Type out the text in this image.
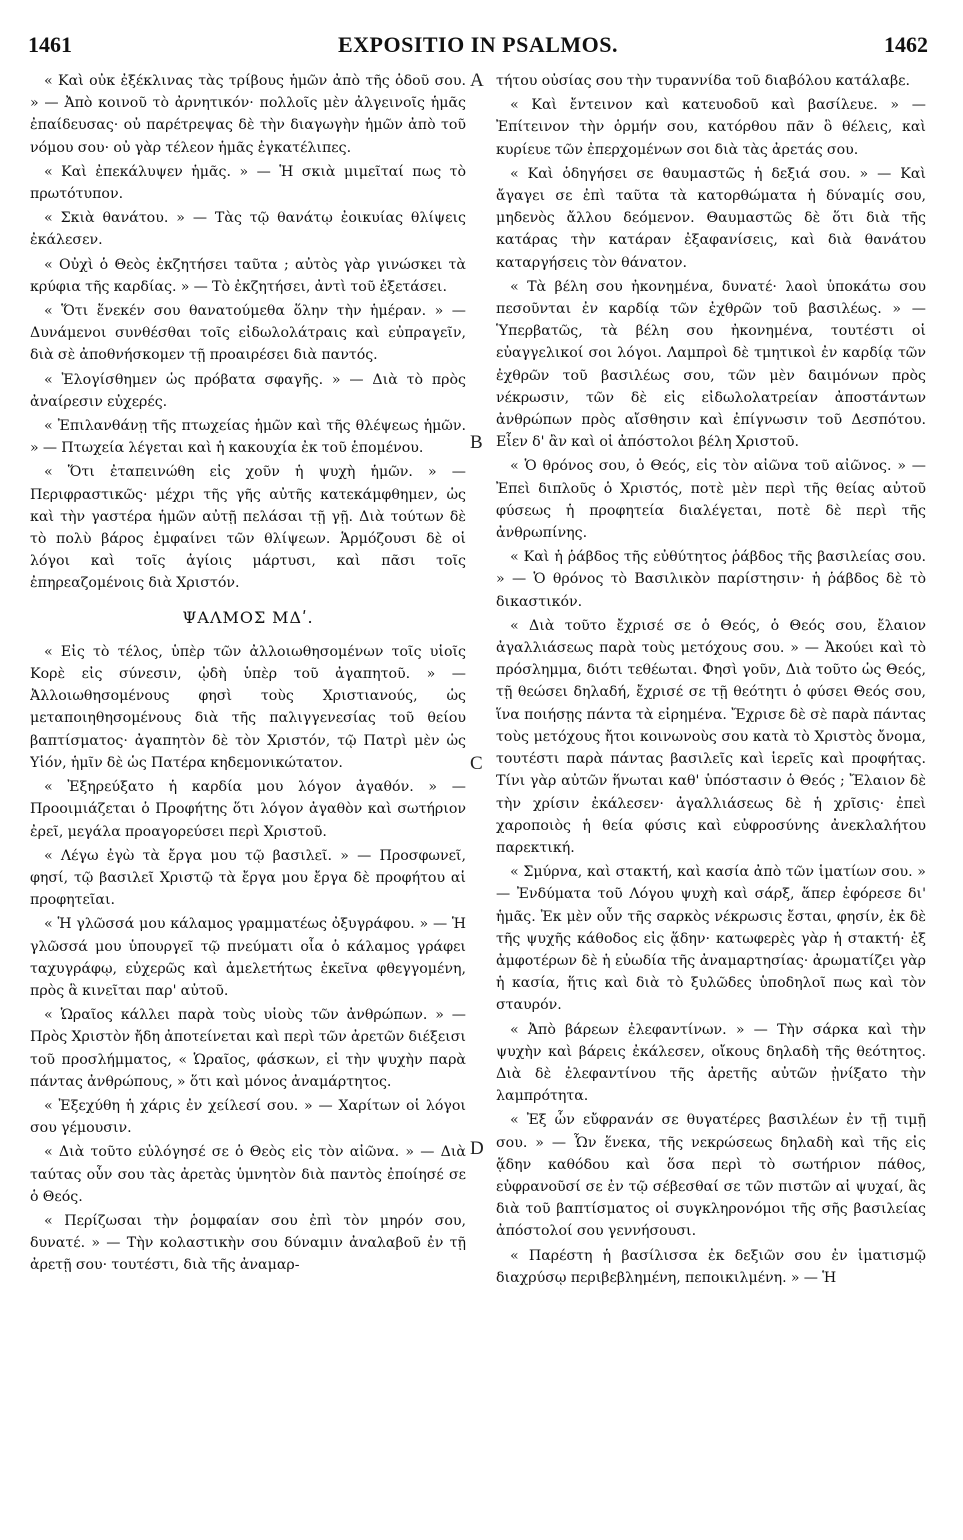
1461	EXPOSITIO IN PSALMOS.	1462
A
B
C
D

« Καὶ οὐκ ἐξέκλινας τὰς τρίβους ἡμῶν ἀπὸ τῆς ὁδοῦ σου. » — Ἀπὸ κοινοῦ τὸ ἀρνητικόν· πολλοῖς μὲν ἀλγεινοῖς ἡμᾶς ἐπαίδευσας· οὐ παρέτρεψας δὲ τὴν διαγωγὴν ἡμῶν ἀπὸ τοῦ νόμου σου· οὐ γὰρ τέλεον ἡμᾶς ἐγκατέλιπες.

« Καὶ ἐπεκάλυψεν ἡμᾶς. » — Ἡ σκιὰ μιμεῖταί πως τὸ πρωτότυπον.

« Σκιὰ θανάτου. » — Τὰς τῷ θανάτῳ ἐοικυίας θλίψεις ἐκάλεσεν.

« Οὐχὶ ὁ Θεὸς ἐκζητήσει ταῦτα ; αὐτὸς γὰρ γινώσκει τὰ κρύφια τῆς καρδίας. » — Τὸ ἐκζητήσει, ἀντὶ τοῦ ἐξετάσει.

« Ὅτι ἕνεκέν σου θανατούμεθα ὅλην τὴν ἡμέραν. » — Δυνάμενοι συνθέσθαι τοῖς εἰδωλολάτραις καὶ εὐπραγεῖν, διὰ σὲ ἀποθνήσκομεν τῇ προαιρέσει διὰ παντός.

« Ἐλογίσθημεν ὡς πρόβατα σφαγῆς. » — Διὰ τὸ πρὸς ἀναίρεσιν εὐχερές.

« Ἐπιλανθάνῃ τῆς πτωχείας ἡμῶν καὶ τῆς θλέψεως ἡμῶν. » — Πτωχεία λέγεται καὶ ἡ κακουχία ἐκ τοῦ ἑπομένου.

« Ὅτι ἐταπεινώθη εἰς χοῦν ἡ ψυχὴ ἡμῶν. » — Περιφραστικῶς· μέχρι τῆς γῆς αὐτῆς κατεκάμφθημεν, ὡς καὶ τὴν γαστέρα ἡμῶν αὐτῇ πελάσαι τῇ γῇ. Διὰ τούτων δὲ τὸ πολὺ βάρος ἐμφαίνει τῶν θλίψεων. Ἁρμόζουσι δὲ οἱ λόγοι καὶ τοῖς ἁγίοις μάρτυσι, καὶ πᾶσι τοῖς ἐπηρεαζομένοις διὰ Χριστόν.

ΨΑΛΜΟΣ ΜΔʹ.

« Εἰς τὸ τέλος, ὑπὲρ τῶν ἀλλοιωθησομένων τοῖς υἱοῖς Κορὲ εἰς σύνεσιν, ᾠδὴ ὑπὲρ τοῦ ἀγαπητοῦ. » — Ἀλλοιωθησομένους φησὶ τοὺς Χριστιανούς, ὡς μεταποιηθησομένους διὰ τῆς παλιγγενεσίας τοῦ θείου βαπτίσματος· ἀγαπητὸν δὲ τὸν Χριστόν, τῷ Πατρὶ μὲν ὡς Υἱόν, ἡμῖν δὲ ὡς Πατέρα κηδεμονικώτατον.

« Ἐξηρεύξατο ἡ καρδία μου λόγον ἀγαθόν. » — Προοιμιάζεται ὁ Προφήτης ὅτι λόγον ἀγαθὸν καὶ σωτήριον ἐρεῖ, μεγάλα προαγορεύσει περὶ Χριστοῦ.

« Λέγω ἐγὼ τὰ ἔργα μου τῷ βασιλεῖ. » — Προσφωνεῖ, φησί, τῷ βασιλεῖ Χριστῷ τὰ ἔργα μου ἔργα δὲ προφήτου αἱ προφητεῖαι.

« Ἡ γλῶσσά μου κάλαμος γραμματέως ὀξυγράφου. » — Ἡ γλῶσσά μου ὑπουργεῖ τῷ πνεύματι οἷα ὁ κάλαμος γράφει ταχυγράφῳ, εὐχερῶς καὶ ἀμελετήτως ἐκεῖνα φθεγγομένη, πρὸς ἃ κινεῖται παρ' αὐτοῦ.

« Ὡραῖος κάλλει παρὰ τοὺς υἱοὺς τῶν ἀνθρώπων. » — Πρὸς Χριστὸν ἤδη ἀποτείνεται καὶ περὶ τῶν ἀρετῶν διέξεισι τοῦ προσλήμματος, « Ὡραῖος, φάσκων, εἰ τὴν ψυχὴν παρὰ πάντας ἀνθρώπους, » ὅτι καὶ μόνος ἀναμάρτητος.

« Ἐξεχύθη ἡ χάρις ἐν χείλεσί σου. » — Χαρίτων οἱ λόγοι σου γέμουσιν.

« Διὰ τοῦτο εὐλόγησέ σε ὁ Θεὸς εἰς τὸν αἰῶνα. » — Διὰ ταύτας οὖν σου τὰς ἀρετὰς ὑμνητὸν διὰ παντὸς ἐποίησέ σε ὁ Θεός.

« Περίζωσαι τὴν ῥομφαίαν σου ἐπὶ τὸν μηρόν σου, δυνατέ. » — Τὴν κολαστικὴν σου δύναμιν ἀναλαβοῦ ἐν τῇ ἀρετῇ σου· τουτέστι, διὰ τῆς ἀναμαρ-

τήτου οὐσίας σου τὴν τυραννίδα τοῦ διαβόλου κατάλαβε.

« Καὶ ἔντεινον καὶ κατευοδοῦ καὶ βασίλευε. » — Ἐπίτεινον τὴν ὁρμήν σου, κατόρθου πᾶν ὃ θέλεις, καὶ κυρίευε τῶν ἐπερχομένων σοι διὰ τὰς ἀρετάς σου.

« Καὶ ὁδηγήσει σε θαυμαστῶς ἡ δεξιά σου. » — Καὶ ἄγαγει σε ἐπὶ ταῦτα τὰ κατορθώματα ἡ δύναμίς σου, μηδενὸς ἄλλου δεόμενον. Θαυμαστῶς δὲ ὅτι διὰ τῆς κατάρας τὴν κατάραν ἐξαφανίσεις, καὶ διὰ θανάτου καταργήσεις τὸν θάνατον.

« Τὰ βέλη σου ἠκονημένα, δυνατέ· λαοὶ ὑποκάτω σου πεσοῦνται ἐν καρδίᾳ τῶν ἐχθρῶν τοῦ βασιλέως. » — Ὑπερβατῶς, τὰ βέλη σου ἠκονημένα, τουτέστι οἱ εὐαγγελικοί σοι λόγοι. Λαμπροὶ δὲ τμητικοὶ ἐν καρδίᾳ τῶν ἐχθρῶν τοῦ βασιλέως σου, τῶν μὲν δαιμόνων πρὸς νέκρωσιν, τῶν δὲ εἰς εἰδωλολατρείαν ἀποστάντων ἀνθρώπων πρὸς αἴσθησιν καὶ ἐπίγνωσιν τοῦ Δεσπότου. Εἶεν δ' ἂν καὶ οἱ ἀπόστολοι βέλη Χριστοῦ.

« Ὁ θρόνος σου, ὁ Θεός, εἰς τὸν αἰῶνα τοῦ αἰῶνος. » — Ἐπεὶ διπλοῦς ὁ Χριστός, ποτὲ μὲν περὶ τῆς θείας αὐτοῦ φύσεως ἡ προφητεία διαλέγεται, ποτὲ δὲ περὶ τῆς ἀνθρωπίνης.

« Καὶ ἡ ῥάβδος τῆς εὐθύτητος ῥάβδος τῆς βασιλείας σου. » — Ὁ θρόνος τὸ Βασιλικὸν παρίστησιν· ἡ ῥάβδος δὲ τὸ δικαστικόν.

« Διὰ τοῦτο ἔχρισέ σε ὁ Θεός, ὁ Θεός σου, ἔλαιον ἀγαλλιάσεως παρὰ τοὺς μετόχους σου. » — Ἀκούει καὶ τὸ πρόσλημμα, διότι τεθέωται. Φησὶ γοῦν, Διὰ τοῦτο ὡς Θεός, τῇ θεώσει δηλαδή, ἔχρισέ σε τῇ θεότητι ὁ φύσει Θεός σου, ἵνα ποιήσῃς πάντα τὰ εἰρημένα. Ἔχρισε δὲ σὲ παρὰ πάντας τοὺς μετόχους ἤτοι κοινωνοὺς σου κατὰ τὸ Χριστὸς ὄνομα, τουτέστι παρὰ πάντας βασιλεῖς καὶ ἱερεῖς καὶ προφήτας. Τίνι γὰρ αὐτῶν ἥνωται καθ' ὑπόστασιν ὁ Θεός ; Ἔλαιον δὲ τὴν χρίσιν ἐκάλεσεν· ἀγαλλιάσεως δὲ ἡ χρῖσις· ἐπεὶ χαροποιὸς ἡ θεία φύσις καὶ εὐφροσύνης ἀνεκλαλήτου παρεκτική.

« Σμύρνα, καὶ στακτή, καὶ κασία ἀπὸ τῶν ἱματίων σου. » — Ἐνδύματα τοῦ Λόγου ψυχὴ καὶ σάρξ, ἅπερ ἐφόρεσε δι' ἡμᾶς. Ἐκ μὲν οὖν τῆς σαρκὸς νέκρωσις ἔσται, φησίν, ἐκ δὲ τῆς ψυχῆς κάθοδος εἰς ᾅδην· κατωφερὲς γὰρ ἡ στακτή· ἐξ ἀμφοτέρων δὲ ἡ εὐωδία τῆς ἀναμαρτησίας· ἀρωματίζει γὰρ ἡ κασία, ἥτις καὶ διὰ τὸ ξυλῶδες ὑποδηλοῖ πως καὶ τὸν σταυρόν.

« Ἀπὸ βάρεων ἐλεφαντίνων. » — Τὴν σάρκα καὶ τὴν ψυχὴν καὶ βάρεις ἐκάλεσεν, οἴκους δηλαδὴ τῆς θεότητος. Διὰ δὲ ἐλεφαντίνου τῆς ἀρετῆς αὐτῶν ᾐνίξατο τὴν λαμπρότητα.

« Ἐξ ὧν εὔφρανάν σε θυγατέρες βασιλέων ἐν τῇ τιμῇ σου. » — Ὧν ἕνεκα, τῆς νεκρώσεως δηλαδὴ καὶ τῆς εἰς ᾅδην καθόδου καὶ ὅσα περὶ τὸ σωτήριον πάθος, εὐφρανοῦσί σε ἐν τῷ σέβεσθαί σε τῶν πιστῶν αἱ ψυχαί, ἃς διὰ τοῦ βαπτίσματος οἱ συγκληρονόμοι τῆς σῆς βασιλείας ἀπόστολοί σου γεννήσουσι.

« Παρέστη ἡ βασίλισσα ἐκ δεξιῶν σου ἐν ἱματισμῷ διαχρύσῳ περιβεβλημένη, πεποικιλμένη. » — Ἡ
